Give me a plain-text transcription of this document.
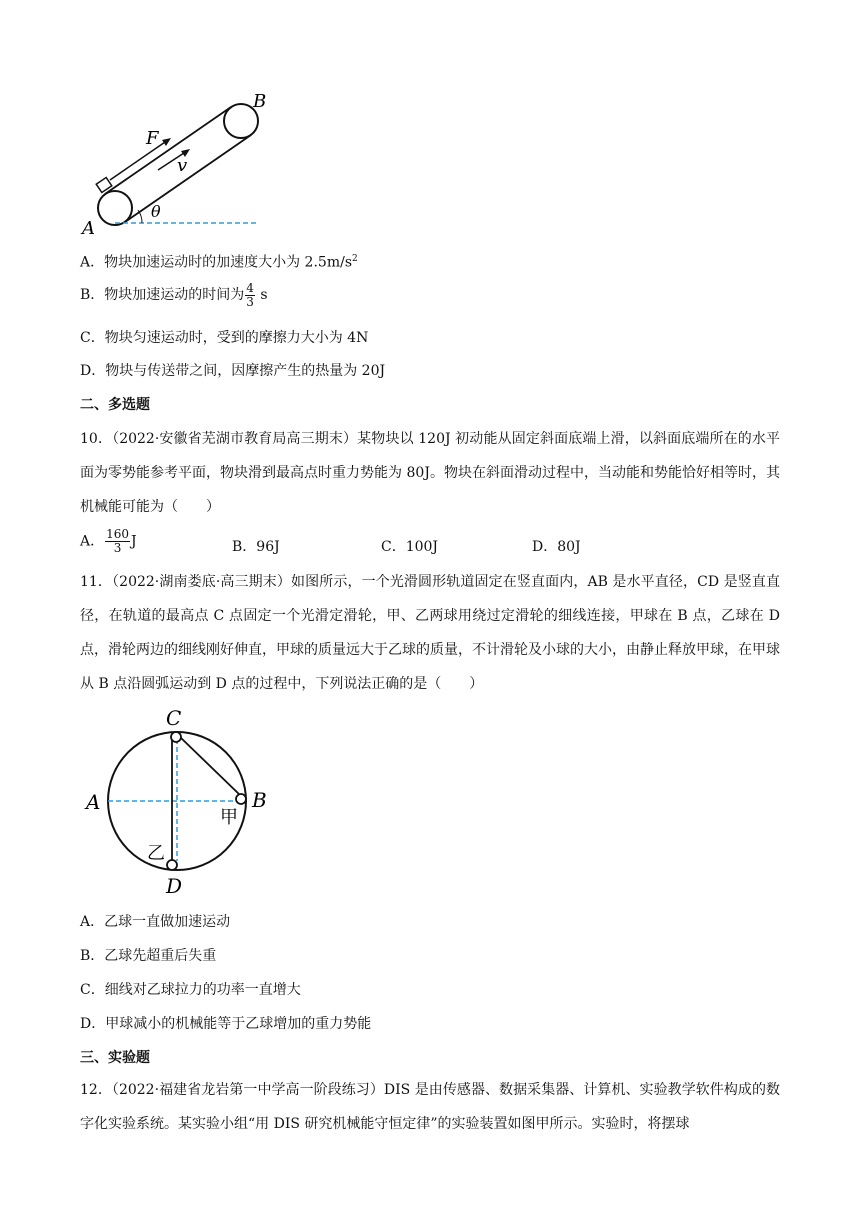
F
v
B
A
θ
A．物块加速运动时的加速度大小为 $2.5m/s^2$
B．物块加速运动的时间为 $\frac{4}{3}$ s
C．物块匀速运动时，受到的摩擦力大小为 4N
D．物块与传送带之间，因摩擦产生的热量为 20J
二、多选题
10．（2022·安徽省芜湖市教育局高三期末）某物块以 120J 初动能从固定斜面底端上滑，以斜面底端所在的水平面为零势能参考平面，物块滑到最高点时重力势能为 80J。物块在斜面滑动过程中，当动能和势能恰好相等时，其机械能可能为（　　）
A． $\frac{160}{3}$ J	B．96J	C．100J	D．80J
11．（2022·湖南娄底·高三期末）如图所示，一个光滑圆形轨道固定在竖直面内，AB 是水平直径，CD 是竖直直径，在轨道的最高点 C 点固定一个光滑定滑轮，甲、乙两球用绕过定滑轮的细线连接，甲球在 B 点，乙球在 D 点，滑轮两边的细线刚好伸直，甲球的质量远大于乙球的质量，不计滑轮及小球的大小，由静止释放甲球，在甲球从 B 点沿圆弧运动到 D 点的过程中，下列说法正确的是（　　）
C
A	B
甲
乙
D
A．乙球一直做加速运动
B．乙球先超重后失重
C．细线对乙球拉力的功率一直增大
D．甲球减小的机械能等于乙球增加的重力势能
三、实验题
12．（2022·福建省龙岩第一中学高一阶段练习）DIS 是由传感器、数据采集器、计算机、实验教学软件构成的数字化实验系统。某实验小组“用 DIS 研究机械能守恒定律”的实验装置如图甲所示。实验时，将摆球
